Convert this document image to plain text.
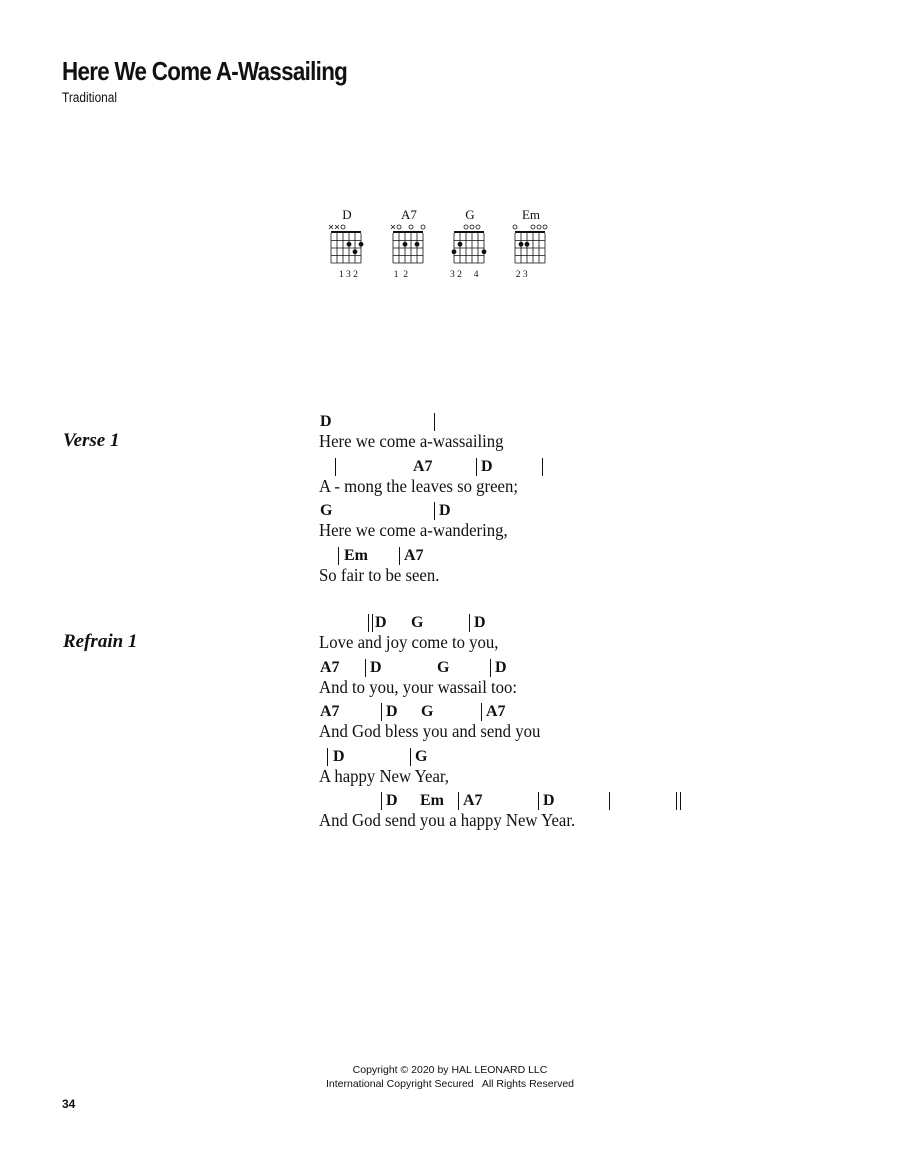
Here We Come A-Wassailing
Traditional
D
1 3 2
A7
1  2
G
3 2     4
Em
2 3
Verse 1
Refrain 1
D
Here we come a-wassailing
A7	D
A - mong the leaves so green;
G	D
Here we come a-wandering,
Em A7
So fair to be seen.
D G	D
Love and joy come to you,
A7 D	G	D
And to you, your wassail too:
A7	D G	A7
And God bless you and send you
D	G
A happy New Year,
D Em A7	D
And God send you a happy New Year.
Copyright © 2020 by HAL LEONARD LLC
International Copyright Secured   All Rights Reserved
34
